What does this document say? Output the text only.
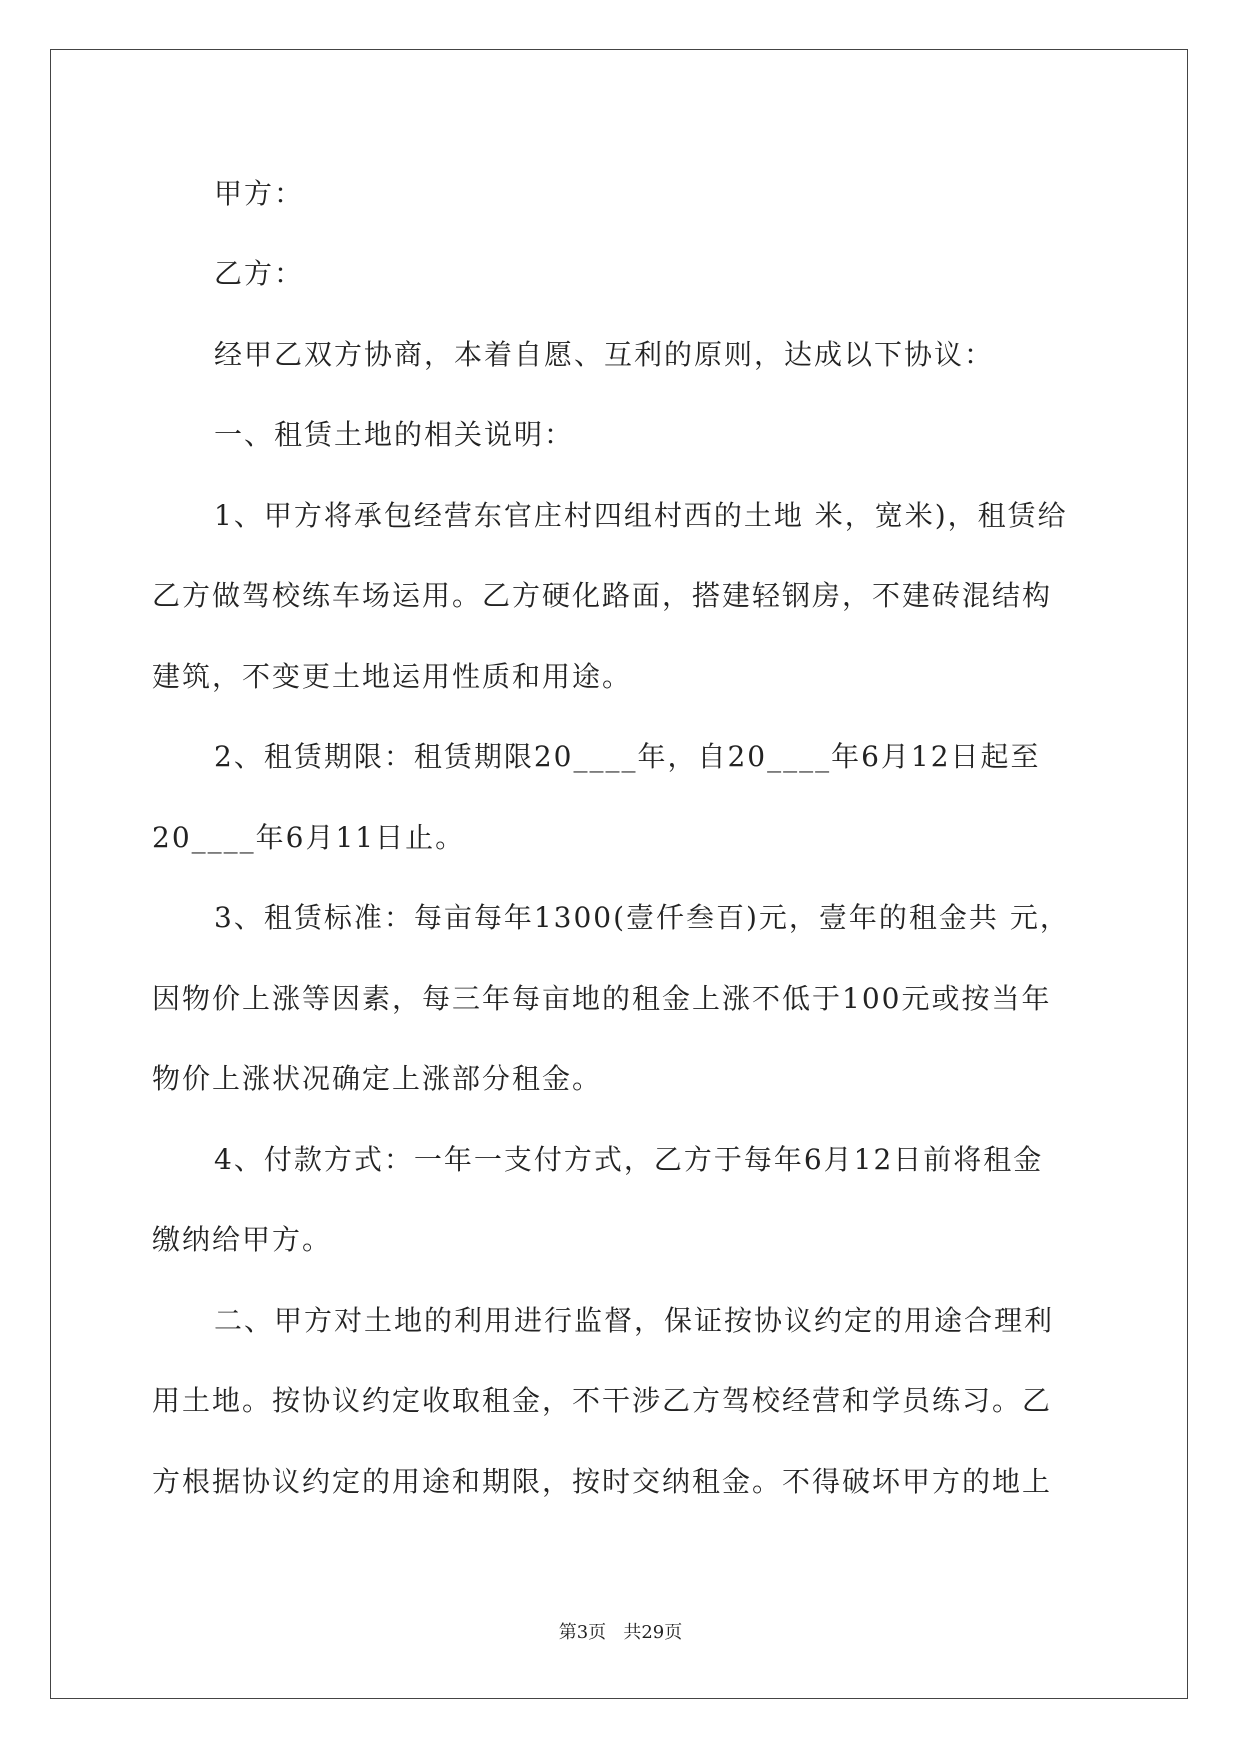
甲方：

乙方：

经甲乙双方协商，本着自愿、互利的原则，达成以下协议：

一、租赁土地的相关说明：

1、甲方将承包经营东官庄村四组村西的土地 米，宽米)，租赁给

乙方做驾校练车场运用。乙方硬化路面，搭建轻钢房，不建砖混结构

建筑，不变更土地运用性质和用途。

2、租赁期限：租赁期限20____年，自20____年6月12日起至

20____年6月11日止。

3、租赁标准：每亩每年1300(壹仟叁百)元，壹年的租金共 元，

因物价上涨等因素，每三年每亩地的租金上涨不低于100元或按当年

物价上涨状况确定上涨部分租金。

4、付款方式：一年一支付方式，乙方于每年6月12日前将租金

缴纳给甲方。

二、甲方对土地的利用进行监督，保证按协议约定的用途合理利

用土地。按协议约定收取租金，不干涉乙方驾校经营和学员练习。乙

方根据协议约定的用途和期限，按时交纳租金。不得破坏甲方的地上

第3页   共29页
